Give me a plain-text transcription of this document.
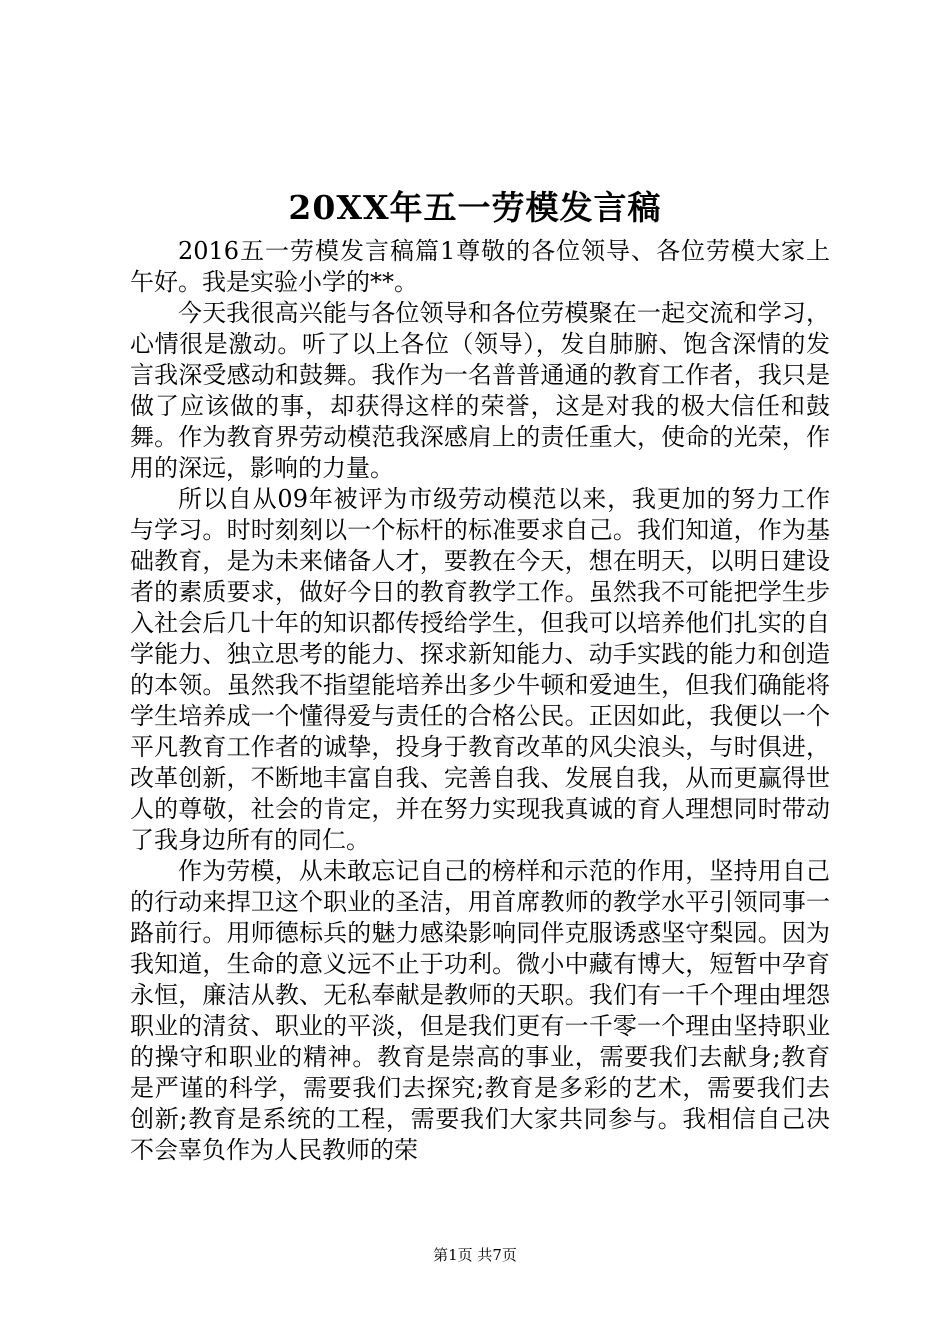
20XX年五一劳模发言稿

2016五一劳模发言稿篇1尊敬的各位领导、各位劳模大家上午好。我是实验小学的**。

今天我很高兴能与各位领导和各位劳模聚在一起交流和学习，心情很是激动。听了以上各位（领导），发自肺腑、饱含深情的发言我深受感动和鼓舞。我作为一名普普通通的教育工作者，我只是做了应该做的事，却获得这样的荣誉，这是对我的极大信任和鼓舞。作为教育界劳动模范我深感肩上的责任重大，使命的光荣，作用的深远，影响的力量。

所以自从09年被评为市级劳动模范以来，我更加的努力工作与学习。时时刻刻以一个标杆的标准要求自己。我们知道，作为基础教育，是为未来储备人才，要教在今天，想在明天，以明日建设者的素质要求，做好今日的教育教学工作。虽然我不可能把学生步入社会后几十年的知识都传授给学生，但我可以培养他们扎实的自学能力、独立思考的能力、探求新知能力、动手实践的能力和创造的本领。虽然我不指望能培养出多少牛顿和爱迪生，但我们确能将学生培养成一个懂得爱与责任的合格公民。正因如此，我便以一个平凡教育工作者的诚挚，投身于教育改革的风尖浪头，与时俱进，改革创新，不断地丰富自我、完善自我、发展自我，从而更赢得世人的尊敬，社会的肯定，并在努力实现我真诚的育人理想同时带动了我身边所有的同仁。

作为劳模，从未敢忘记自己的榜样和示范的作用，坚持用自己的行动来捍卫这个职业的圣洁，用首席教师的教学水平引领同事一路前行。用师德标兵的魅力感染影响同伴克服诱惑坚守梨园。因为我知道，生命的意义远不止于功利。微小中藏有博大，短暂中孕育永恒，廉洁从教、无私奉献是教师的天职。我们有一千个理由埋怨职业的清贫、职业的平淡，但是我们更有一千零一个理由坚持职业的操守和职业的精神。教育是崇高的事业，需要我们去献身;教育是严谨的科学，需要我们去探究;教育是多彩的艺术，需要我们去创新;教育是系统的工程，需要我们大家共同参与。我相信自己决不会辜负作为人民教师的荣

第1页 共7页
